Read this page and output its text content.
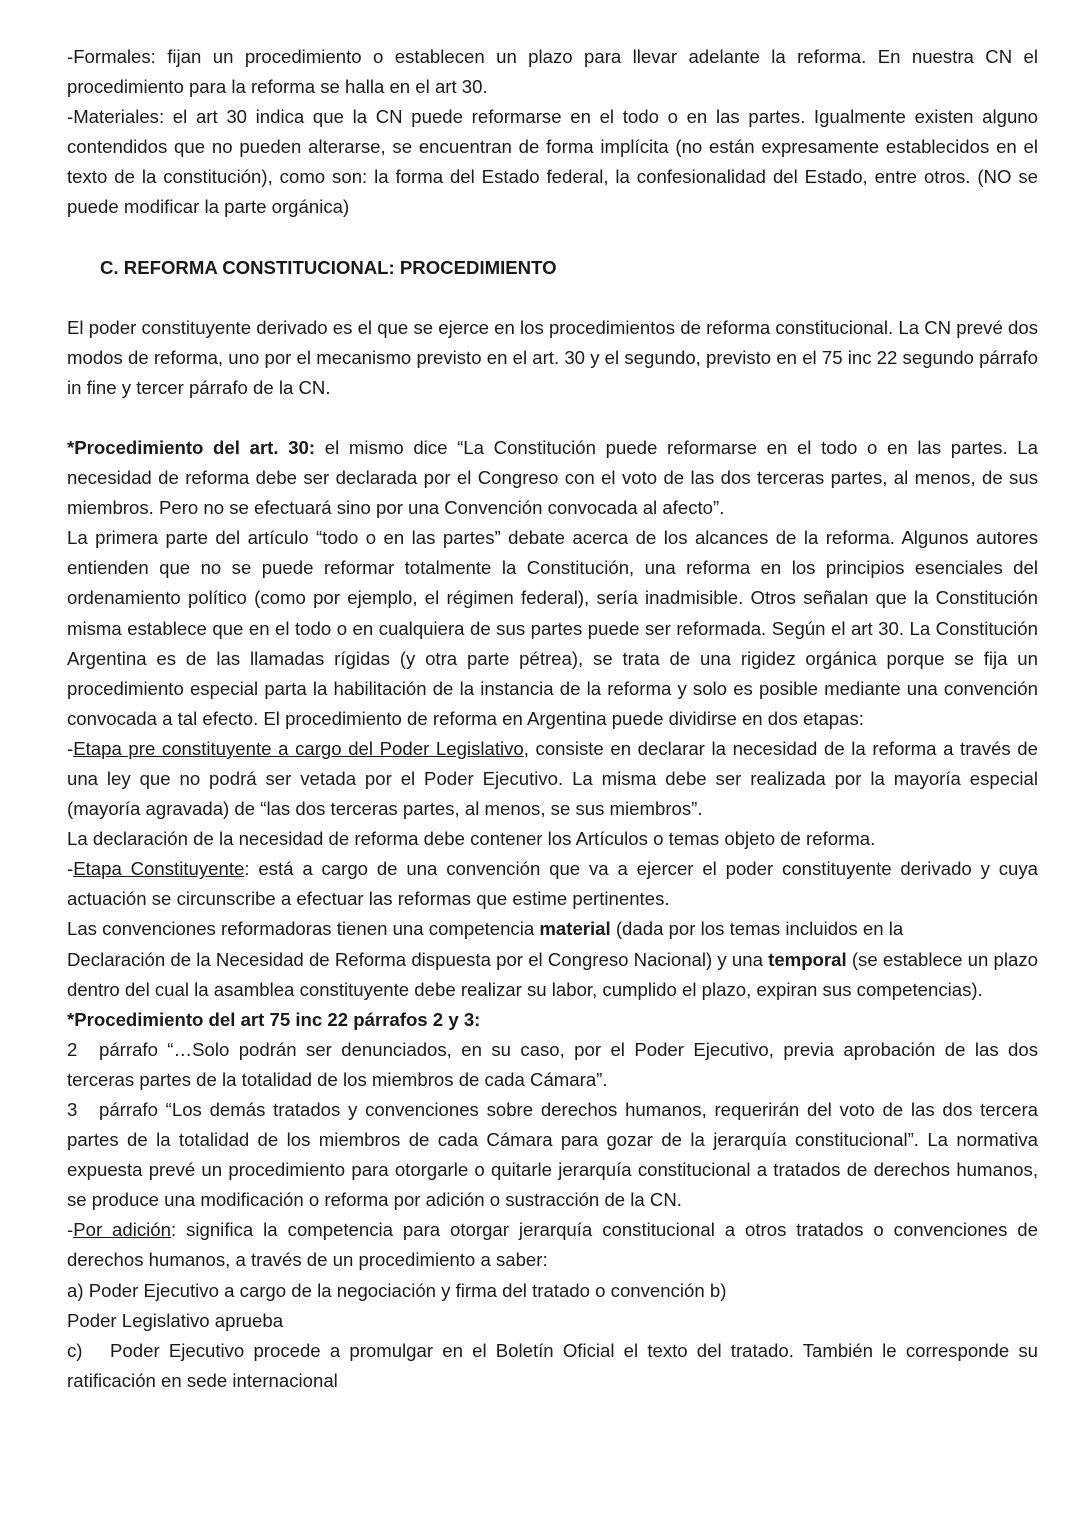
-Formales: fijan un procedimiento o establecen un plazo para llevar adelante la reforma. En nuestra CN el procedimiento para la reforma se halla en el art 30.

-Materiales: el art 30 indica que la CN puede reformarse en el todo o en las partes. Igualmente existen alguno contendidos que no pueden alterarse, se encuentran de forma implícita (no están expresamente establecidos en el texto de la constitución), como son: la forma del Estado federal, la confesionalidad del Estado, entre otros. (NO se puede modificar la parte orgánica)

C. REFORMA CONSTITUCIONAL: PROCEDIMIENTO

El poder constituyente derivado es el que se ejerce en los procedimientos de reforma constitucional. La CN prevé dos modos de reforma, uno por el mecanismo previsto en el art. 30 y el segundo, previsto en el 75 inc 22 segundo párrafo in fine y tercer párrafo de la CN.

*Procedimiento del art. 30: el mismo dice “La Constitución puede reformarse en el todo o en las partes. La necesidad de reforma debe ser declarada por el Congreso con el voto de las dos terceras partes, al menos, de sus miembros. Pero no se efectuará sino por una Convención convocada al afecto”.

La primera parte del artículo “todo o en las partes” debate acerca de los alcances de la reforma. Algunos autores entienden que no se puede reformar totalmente la Constitución, una reforma en los principios esenciales del ordenamiento político (como por ejemplo, el régimen federal), sería inadmisible. Otros señalan que la Constitución misma establece que en el todo o en cualquiera de sus partes puede ser reformada. Según el art 30. La Constitución Argentina es de las llamadas rígidas (y otra parte pétrea), se trata de una rigidez orgánica porque se fija un procedimiento especial parta la habilitación de la instancia de la reforma y solo es posible mediante una convención convocada a tal efecto. El procedimiento de reforma en Argentina puede dividirse en dos etapas:

-Etapa pre constituyente a cargo del Poder Legislativo, consiste en declarar la necesidad de la reforma a través de una ley que no podrá ser vetada por el Poder Ejecutivo. La misma debe ser realizada por la mayoría especial (mayoría agravada) de “las dos terceras partes, al menos, se sus miembros”.

La declaración de la necesidad de reforma debe contener los Artículos o temas objeto de reforma.

-Etapa Constituyente: está a cargo de una convención que va a ejercer el poder constituyente derivado y cuya actuación se circunscribe a efectuar las reformas que estime pertinentes.

Las convenciones reformadoras tienen una competencia material (dada por los temas incluidos en la

Declaración de la Necesidad de Reforma dispuesta por el Congreso Nacional) y una temporal (se establece un plazo dentro del cual la asamblea constituyente debe realizar su labor, cumplido el plazo, expiran sus competencias).

*Procedimiento del art 75 inc 22 párrafos 2 y 3:

2 párrafo “…Solo podrán ser denunciados, en su caso, por el Poder Ejecutivo, previa aprobación de las dos terceras partes de la totalidad de los miembros de cada Cámara”.

3 párrafo “Los demás tratados y convenciones sobre derechos humanos, requerirán del voto de las dos tercera partes de la totalidad de los miembros de cada Cámara para gozar de la jerarquía constitucional”. La normativa expuesta prevé un procedimiento para otorgarle o quitarle jerarquía constitucional a tratados de derechos humanos, se produce una modificación o reforma por adición o sustracción de la CN.

-Por adición: significa la competencia para otorgar jerarquía constitucional a otros tratados o convenciones de derechos humanos, a través de un procedimiento a saber:

a) Poder Ejecutivo a cargo de la negociación y firma del tratado o convención b)

Poder Legislativo aprueba

c)   Poder Ejecutivo procede a promulgar en el Boletín Oficial el texto del tratado. También le corresponde su ratificación en sede internacional
